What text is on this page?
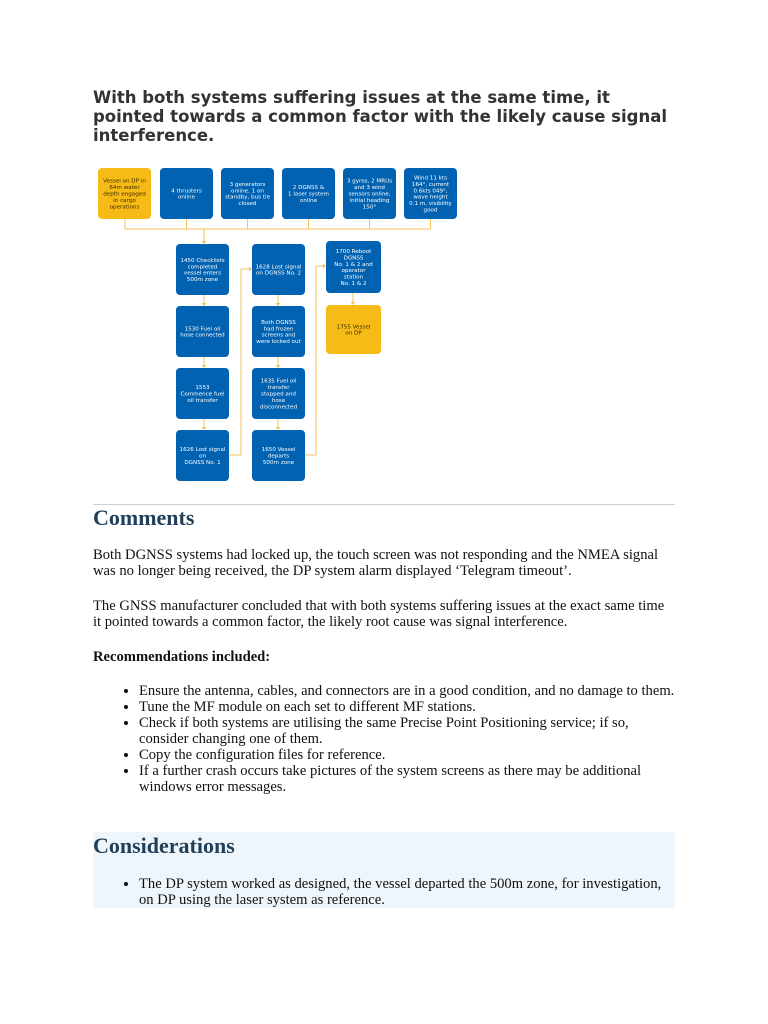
With both systems suffering issues at the same time, it pointed towards a common factor with the likely cause signal interference.

Vessel on DP in
64m water
depth engaged
in cargo
operations
4 thrusters
online
3 generators
online, 1 on
standby, bus tie
closed
2 DGNSS &
1 laser system
online
3 gyros, 2 MRUs
and 3 wind
sensors online,
initial heading
150°
Wind 11 kts
164°, current
0.6kts 049°,
wave height
0.1 m, visibility
good
1450 Checklists
completed
vessel enters
500m zone
1530 Fuel oil
hose connected
1553
Commence fuel
oil transfer
1626 Lost signal
on
DGNSS No. 1
1628 Lost signal
on DGNSS No. 2
Both DGNSS
had frozen
screens and
were locked out
1635 Fuel oil
transfer
stopped and
hose
disconnected
1650 Vessel
departs
500m zone
1700 Reboot
DGNSS
No. 1 & 2 and
operator
station
No. 1 & 2
1755 Vessel
on DP
Comments

Both DGNSS systems had locked up, the touch screen was not responding and the NMEA signal was no longer being received, the DP system alarm displayed ‘Telegram timeout’.

The GNSS manufacturer concluded that with both systems suffering issues at the exact same time it pointed towards a common factor, the likely root cause was signal interference.

Recommendations included:

• Ensure the antenna, cables, and connectors are in a good condition, and no damage to them.
• Tune the MF module on each set to different MF stations.
• Check if both systems are utilising the same Precise Point Positioning service; if so, consider changing one of them.
• Copy the configuration files for reference.
• If a further crash occurs take pictures of the system screens as there may be additional windows error messages.
Considerations
• The DP system worked as designed, the vessel departed the 500m zone, for investigation, on DP using the laser system as reference.
